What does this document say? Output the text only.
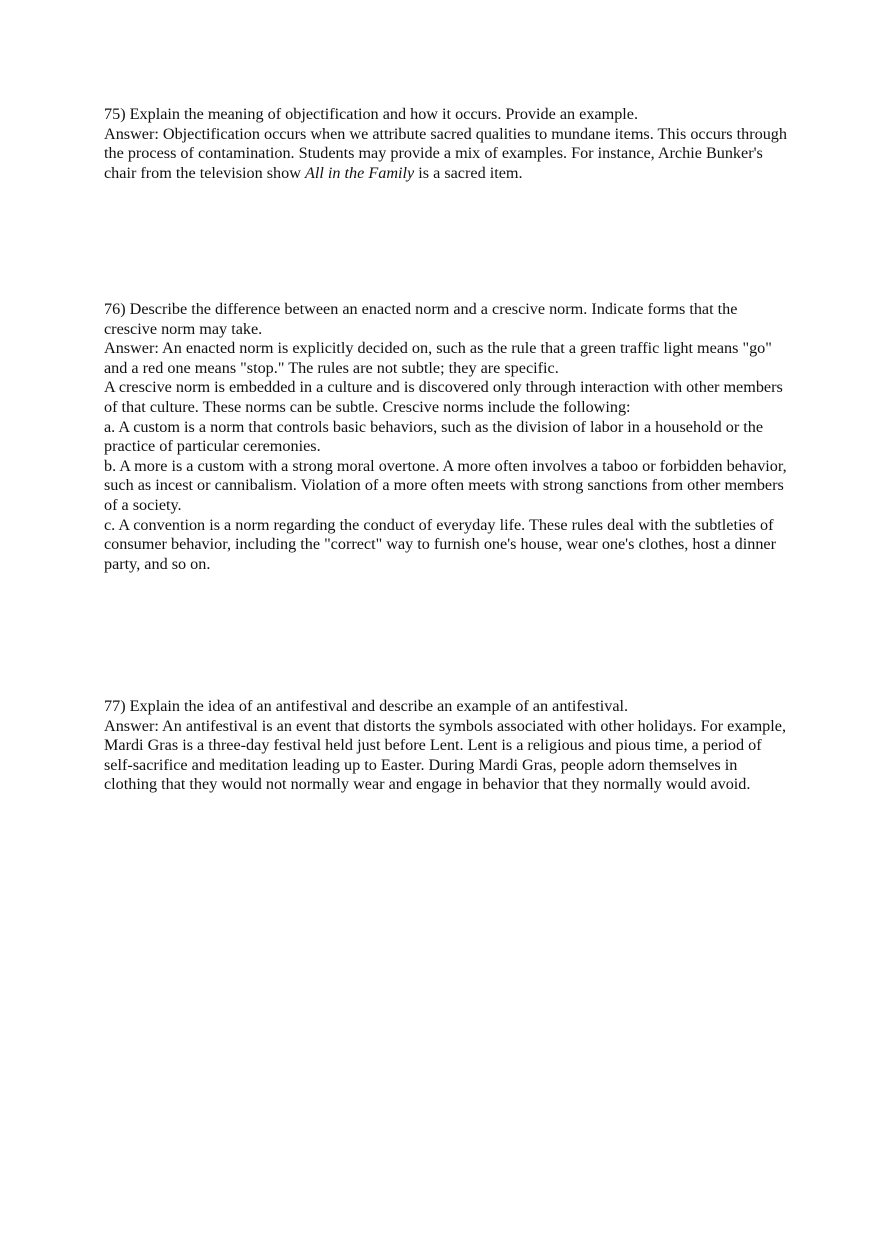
75) Explain the meaning of objectification and how it occurs. Provide an example.

Answer: Objectification occurs when we attribute sacred qualities to mundane items. This occurs through the process of contamination. Students may provide a mix of examples. For instance, Archie Bunker's chair from the television show All in the Family is a sacred item.

76) Describe the difference between an enacted norm and a crescive norm. Indicate forms that the crescive norm may take.

Answer: An enacted norm is explicitly decided on, such as the rule that a green traffic light means "go" and a red one means "stop." The rules are not subtle; they are specific.

A crescive norm is embedded in a culture and is discovered only through interaction with other members of that culture. These norms can be subtle. Crescive norms include the following:

a. A custom is a norm that controls basic behaviors, such as the division of labor in a household or the practice of particular ceremonies.

b. A more is a custom with a strong moral overtone. A more often involves a taboo or forbidden behavior, such as incest or cannibalism. Violation of a more often meets with strong sanctions from other members of a society.

c. A convention is a norm regarding the conduct of everyday life. These rules deal with the subtleties of consumer behavior, including the "correct" way to furnish one's house, wear one's clothes, host a dinner party, and so on.

77) Explain the idea of an antifestival and describe an example of an antifestival.

Answer: An antifestival is an event that distorts the symbols associated with other holidays. For example, Mardi Gras is a three-day festival held just before Lent. Lent is a religious and pious time, a period of self-sacrifice and meditation leading up to Easter. During Mardi Gras, people adorn themselves in clothing that they would not normally wear and engage in behavior that they normally would avoid.
